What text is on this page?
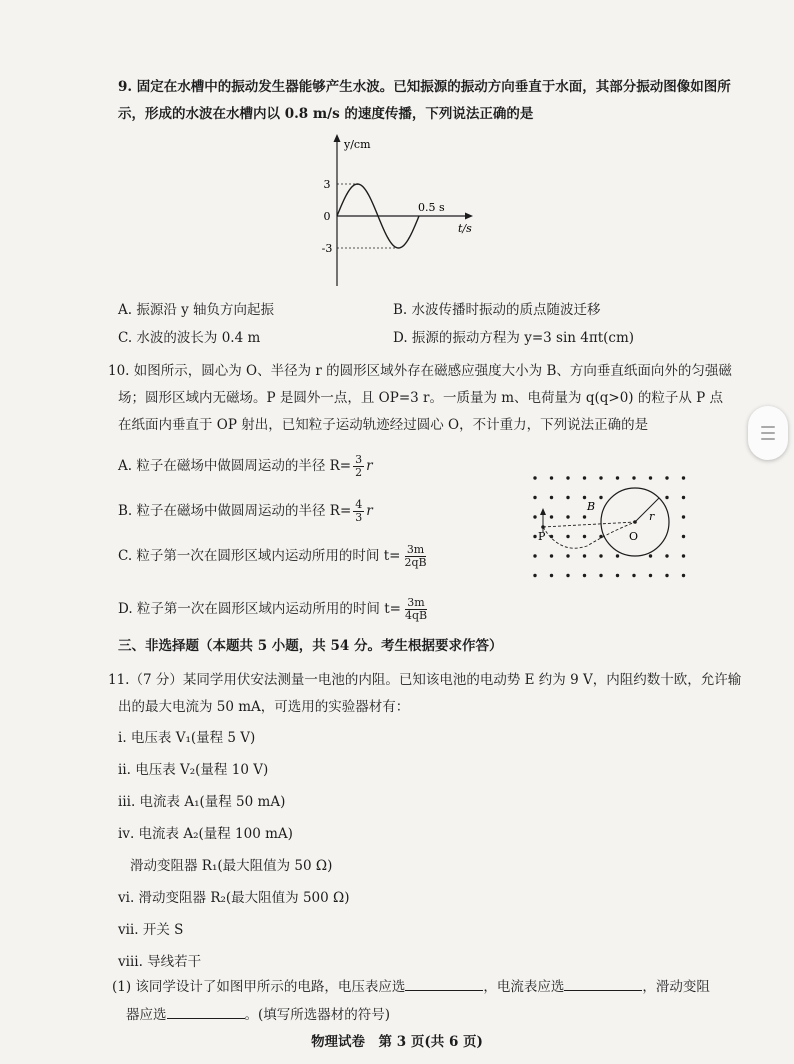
9. 固定在水槽中的振动发生器能够产生水波。已知振源的振动方向垂直于水面，其部分振动图像如图所
示，形成的水波在水槽内以 0.8 m/s 的速度传播，下列说法正确的是
y/cm
t/s
3
0
-3
0.5 s
A. 振源沿 y 轴负方向起振	B. 水波传播时振动的质点随波迁移
C. 水波的波长为 0.4 m	D. 振源的振动方程为 y=3 sin 4πt(cm)
10. 如图所示，圆心为 O、半径为 r 的圆形区域外存在磁感应强度大小为 B、方向垂直纸面向外的匀强磁
场；圆形区域内无磁场。P 是圆外一点，且 OP=3 r。一质量为 m、电荷量为 q(q>0) 的粒子从 P 点
在纸面内垂直于 OP 射出，已知粒子运动轨迹经过圆心 O，不计重力，下列说法正确的是
A. 粒子在磁场中做圆周运动的半径 $R= \frac{3}{2}$ r
B. 粒子在磁场中做圆周运动的半径 $R= \frac{4}{3}$ r
C. 粒子第一次在圆形区域内运动所用的时间 $t= \frac{3m}{2qB}$
D. 粒子第一次在圆形区域内运动所用的时间 $t= \frac{3m}{4qB}$
B
r
O
P
三、非选择题（本题共 5 小题，共 54 分。考生根据要求作答）
11.（7 分）某同学用伏安法测量一电池的内阻。已知该电池的电动势 E 约为 9 V，内阻约数十欧，允许输
出的最大电流为 50 mA，可选用的实验器材有：
ⅰ. 电压表 V₁(量程 5 V)
ⅱ. 电压表 V₂(量程 10 V)
ⅲ. 电流表 A₁(量程 50 mA)
ⅳ. 电流表 A₂(量程 100 mA)
滑动变阻器 R₁(最大阻值为 50 Ω)
ⅵ. 滑动变阻器 R₂(最大阻值为 500 Ω)
ⅶ. 开关 S
ⅷ. 导线若干
(1) 该同学设计了如图甲所示的电路，电压表应选	，电流表应选	，滑动变阻
器应选	。(填写所选器材的符号)
物理试卷　第 3 页(共 6 页)
